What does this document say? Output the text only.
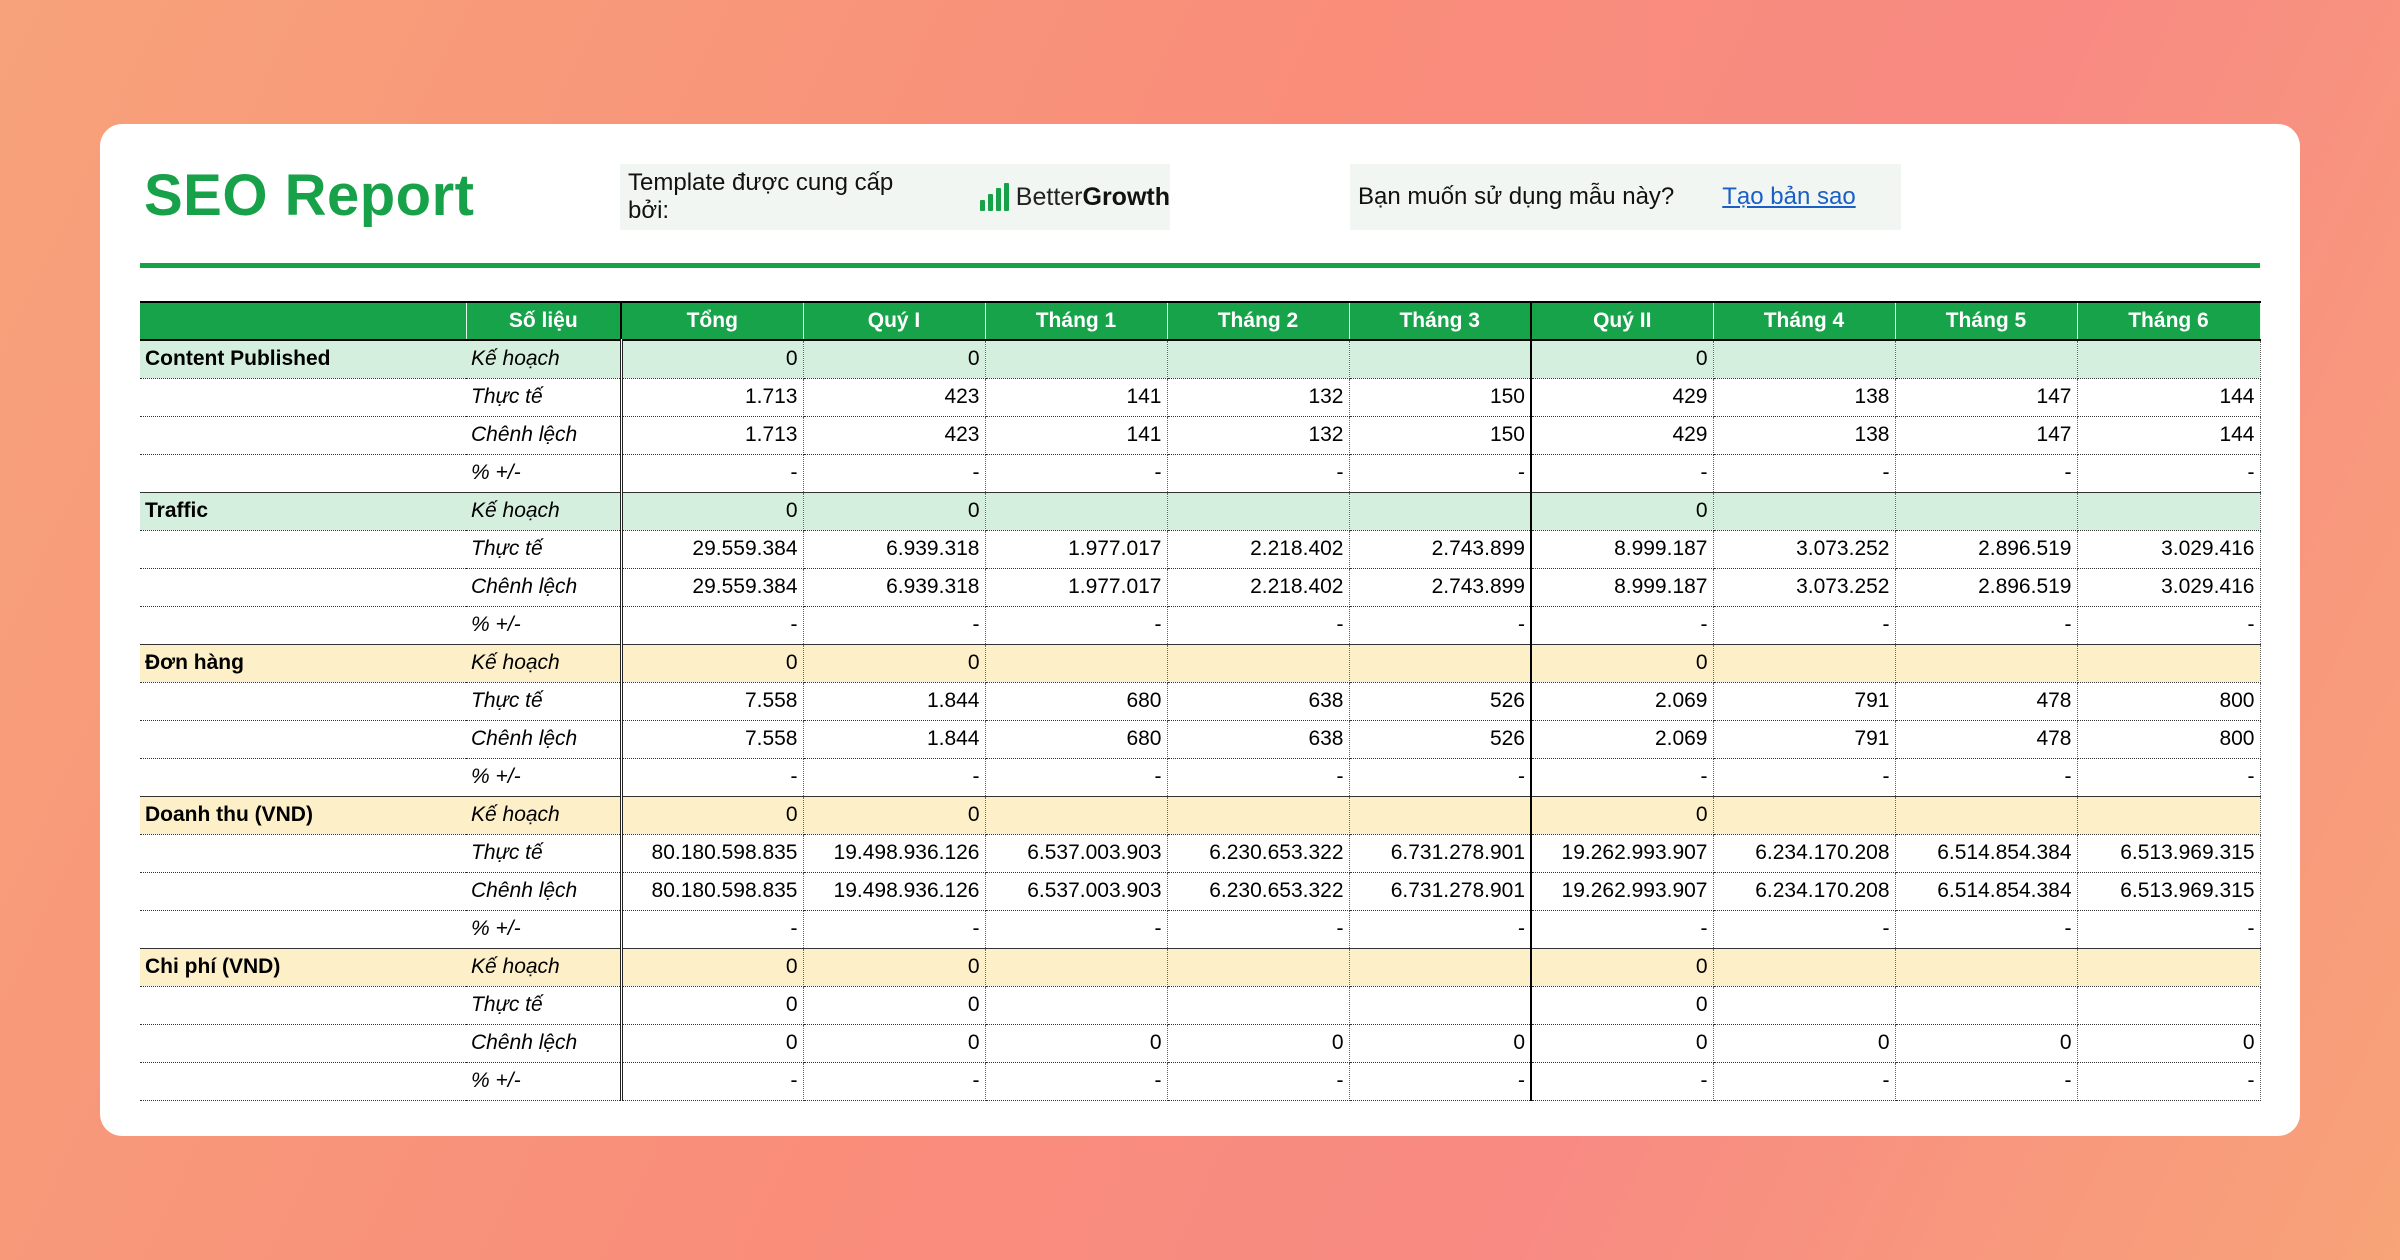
SEO Report	Template được cung cấp bởi:	Better Growth	Bạn muốn sử dụng mẫu này? Tạo bản sao
	Số liệu	Tổng	Quý I	Tháng 1	Tháng 2	Tháng 3	Quý II	Tháng 4	Tháng 5	Tháng 6
Content Published	Kế hoạch	0	0				0			
	Thực tế	1.713	423	141	132	150	429	138	147	144
	Chênh lệch	1.713	423	141	132	150	429	138	147	144
	% +/-	-	-	-	-	-	-	-	-	-
Traffic	Kế hoạch	0	0				0			
	Thực tế	29.559.384	6.939.318	1.977.017	2.218.402	2.743.899	8.999.187	3.073.252	2.896.519	3.029.416
	Chênh lệch	29.559.384	6.939.318	1.977.017	2.218.402	2.743.899	8.999.187	3.073.252	2.896.519	3.029.416
	% +/-	-	-	-	-	-	-	-	-	-
Đơn hàng	Kế hoạch	0	0				0			
	Thực tế	7.558	1.844	680	638	526	2.069	791	478	800
	Chênh lệch	7.558	1.844	680	638	526	2.069	791	478	800
	% +/-	-	-	-	-	-	-	-	-	-
Doanh thu (VND)	Kế hoạch	0	0				0			
	Thực tế	80.180.598.835	19.498.936.126	6.537.003.903	6.230.653.322	6.731.278.901	19.262.993.907	6.234.170.208	6.514.854.384	6.513.969.315
	Chênh lệch	80.180.598.835	19.498.936.126	6.537.003.903	6.230.653.322	6.731.278.901	19.262.993.907	6.234.170.208	6.514.854.384	6.513.969.315
	% +/-	-	-	-	-	-	-	-	-	-
Chi phí (VND)	Kế hoạch	0	0				0			
	Thực tế	0	0				0			
	Chênh lệch	0	0	0	0	0	0	0	0	0
	% +/-	-	-	-	-	-	-	-	-	-
